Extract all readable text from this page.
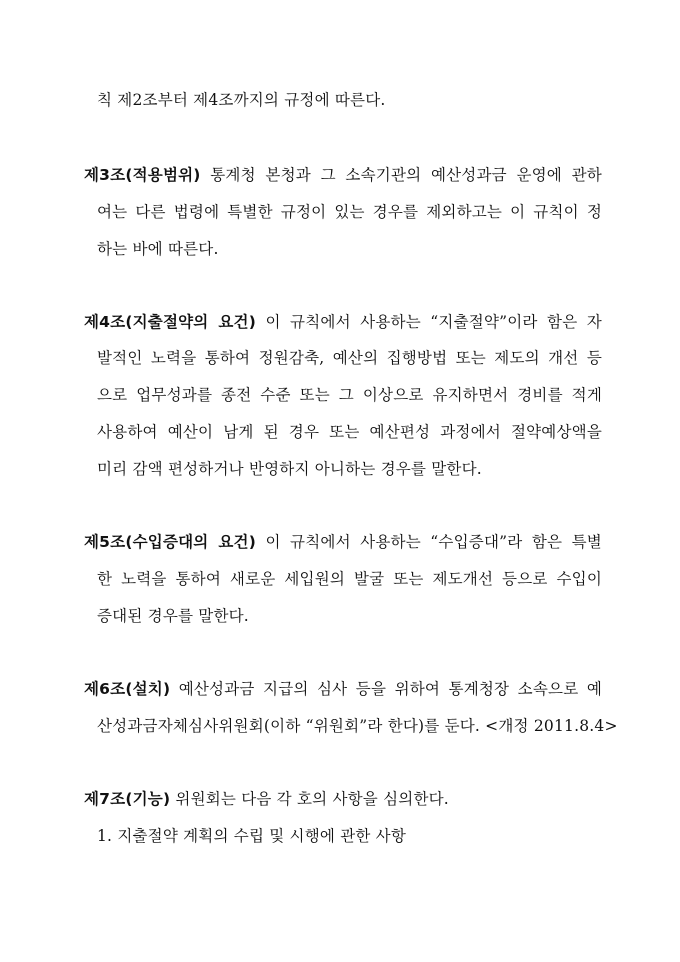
칙 제2조부터 제4조까지의 규정에 따른다.
제3조(적용범위) 통계청 본청과 그 소속기관의 예산성과금 운영에 관하
여는 다른 법령에 특별한 규정이 있는 경우를 제외하고는 이 규칙이 정
하는 바에 따른다.
제4조(지출절약의 요건) 이 규칙에서 사용하는 “지출절약”이라 함은 자
발적인 노력을 통하여 정원감축, 예산의 집행방법 또는 제도의 개선 등
으로 업무성과를 종전 수준 또는 그 이상으로 유지하면서 경비를 적게
사용하여 예산이 남게 된 경우 또는 예산편성 과정에서 절약예상액을
미리 감액 편성하거나 반영하지 아니하는 경우를 말한다.
제5조(수입증대의 요건) 이 규칙에서 사용하는 “수입증대”라 함은 특별
한 노력을 통하여 새로운 세입원의 발굴 또는 제도개선 등으로 수입이
증대된 경우를 말한다.
제6조(설치) 예산성과금 지급의 심사 등을 위하여 통계청장 소속으로 예
산성과금자체심사위원회(이하 “위원회”라 한다)를 둔다. <개정 2011.8.4>
제7조(기능) 위원회는 다음 각 호의 사항을 심의한다.
1. 지출절약 계획의 수립 및 시행에 관한 사항
